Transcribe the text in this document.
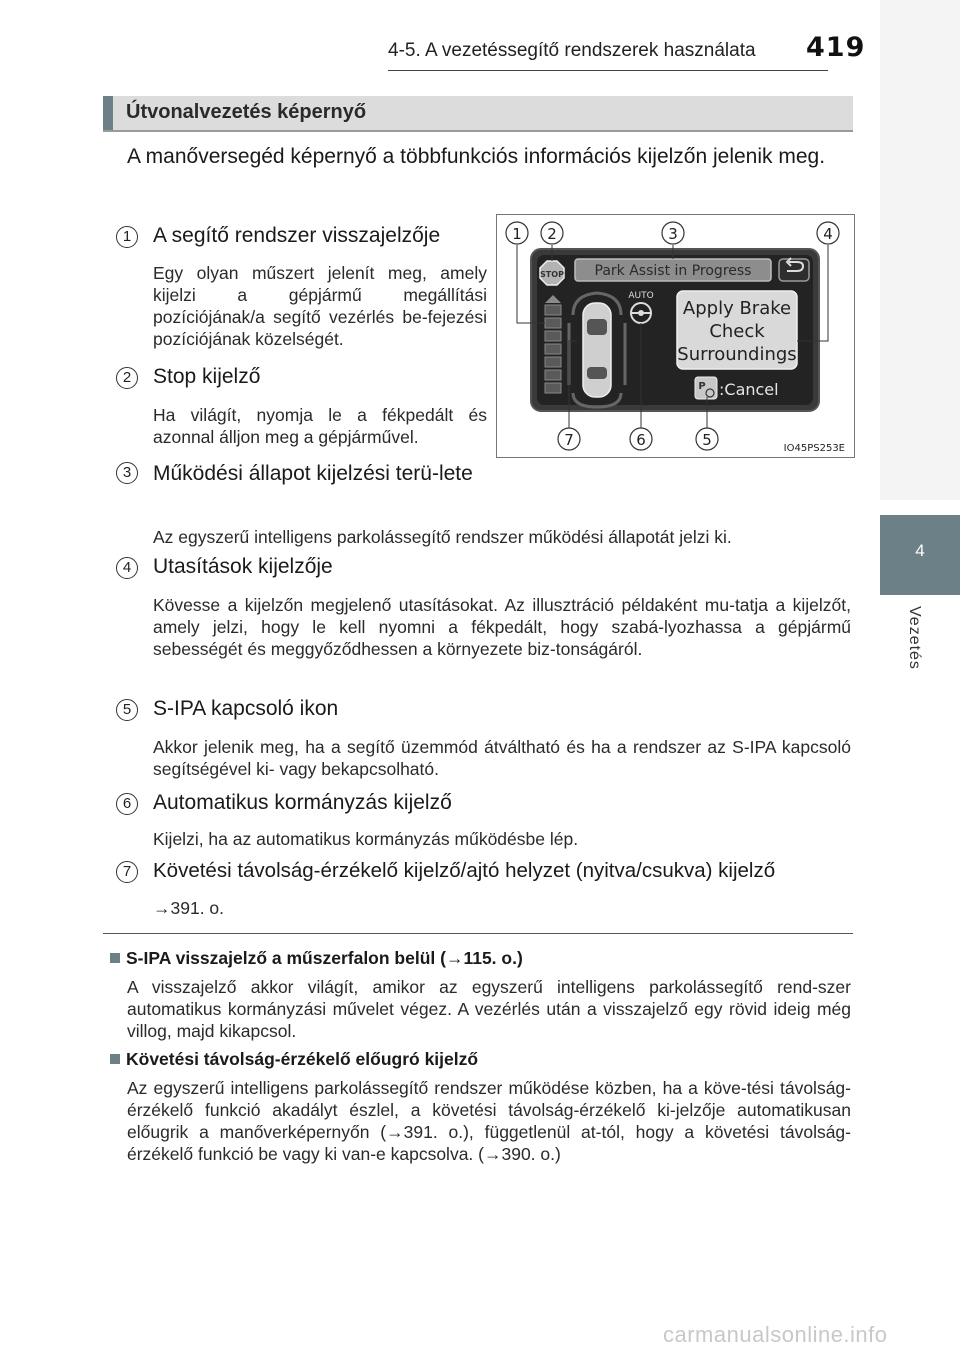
4-5. A vezetéssegítő rendszerek használata 419
4
Vezetés
Útvonalvezetés képernyő
A manőversegéd képernyő a többfunkciós információs kijelzőn jelenik meg.
Park Assist in Progress
STOP
AUTO
Apply Brake
Check
Surroundings
P :Cancel
1 2	3	4
7	6	5	IO45PS253E
1	A segítő rendszer visszajelzője
Egy olyan műszert jelenít meg, amely kijelzi a gépjármű megállítási pozíciójának/a segítő vezérlés be-fejezési pozíciójának közelségét.
2	Stop kijelző
Ha világít, nyomja le a fékpedált és azonnal álljon meg a gépjárművel.
3	Működési állapot kijelzési terü-lete
Az egyszerű intelligens parkolássegítő rendszer működési állapotát jelzi ki.
4	Utasítások kijelzője
Kövesse a kijelzőn megjelenő utasításokat. Az illusztráció példaként mu-tatja a kijelzőt, amely jelzi, hogy le kell nyomni a fékpedált, hogy szabá-lyozhassa a gépjármű sebességét és meggyőződhessen a környezete biz-tonságáról.
5	S-IPA kapcsoló ikon
Akkor jelenik meg, ha a segítő üzemmód átváltható és ha a rendszer az S-IPA kapcsoló segítségével ki- vagy bekapcsolható.
6	Automatikus kormányzás kijelző
Kijelzi, ha az automatikus kormányzás működésbe lép.
7	Követési távolság-érzékelő kijelző/ajtó helyzet (nyitva/csukva) kijelző
→391. o.
S-IPA visszajelző a műszerfalon belül (→115. o.)
A visszajelző akkor világít, amikor az egyszerű intelligens parkolássegítő rend-szer automatikus kormányzási művelet végez. A vezérlés után a visszajelző egy rövid ideig még villog, majd kikapcsol.
Követési távolság-érzékelő előugró kijelző
Az egyszerű intelligens parkolássegítő rendszer működése közben, ha a köve-tési távolság-érzékelő funkció akadályt észlel, a követési távolság-érzékelő ki-jelzője automatikusan előugrik a manőverképernyőn (→391. o.), függetlenül at-tól, hogy a követési távolság-érzékelő funkció be vagy ki van-e kapcsolva. (→390. o.)
carmanualsonline.info
